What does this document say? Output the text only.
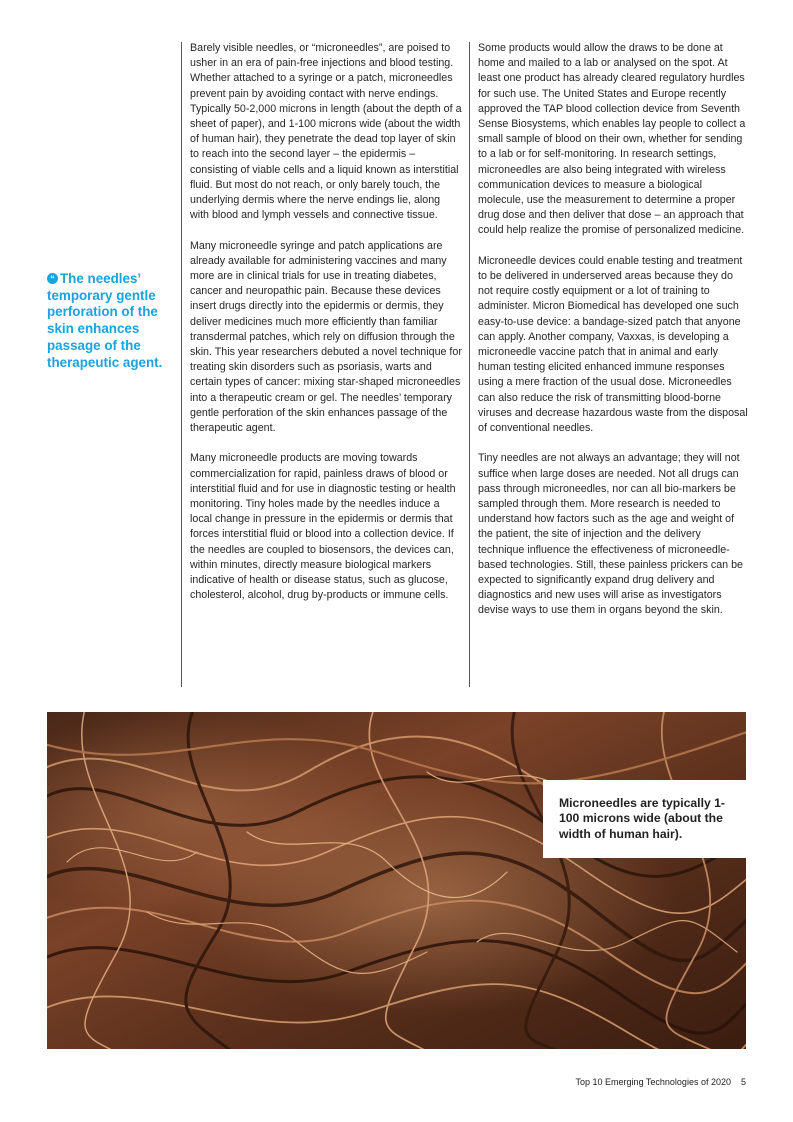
“The needles’ temporary gentle perforation of the skin enhances passage of the therapeutic agent.

Barely visible needles, or “microneedles”, are poised to usher in an era of pain-free injections and blood testing. Whether attached to a syringe or a patch, microneedles prevent pain by avoiding contact with nerve endings. Typically 50-2,000 microns in length (about the depth of a sheet of paper), and 1-100 microns wide (about the width of human hair), they penetrate the dead top layer of skin to reach into the second layer – the epidermis – consisting of viable cells and a liquid known as interstitial fluid. But most do not reach, or only barely touch, the underlying dermis where the nerve endings lie, along with blood and lymph vessels and connective tissue.

Many microneedle syringe and patch applications are already available for administering vaccines and many more are in clinical trials for use in treating diabetes, cancer and neuropathic pain. Because these devices insert drugs directly into the epidermis or dermis, they deliver medicines much more efficiently than familiar transdermal patches, which rely on diffusion through the skin. This year researchers debuted a novel technique for treating skin disorders such as psoriasis, warts and certain types of cancer: mixing star-shaped microneedles into a therapeutic cream or gel. The needles’ temporary gentle perforation of the skin enhances passage of the therapeutic agent.

Many microneedle products are moving towards commercialization for rapid, painless draws of blood or interstitial fluid and for use in diagnostic testing or health monitoring. Tiny holes made by the needles induce a local change in pressure in the epidermis or dermis that forces interstitial fluid or blood into a collection device. If the needles are coupled to biosensors, the devices can, within minutes, directly measure biological markers indicative of health or disease status, such as glucose, cholesterol, alcohol, drug by-products or immune cells.

Some products would allow the draws to be done at home and mailed to a lab or analysed on the spot. At least one product has already cleared regulatory hurdles for such use. The United States and Europe recently approved the TAP blood collection device from Seventh Sense Biosystems, which enables lay people to collect a small sample of blood on their own, whether for sending to a lab or for self-monitoring. In research settings, microneedles are also being integrated with wireless communication devices to measure a biological molecule, use the measurement to determine a proper drug dose and then deliver that dose – an approach that could help realize the promise of personalized medicine.

Microneedle devices could enable testing and treatment to be delivered in underserved areas because they do not require costly equipment or a lot of training to administer. Micron Biomedical has developed one such easy-to-use device: a bandage-sized patch that anyone can apply. Another company, Vaxxas, is developing a microneedle vaccine patch that in animal and early human testing elicited enhanced immune responses using a mere fraction of the usual dose. Microneedles can also reduce the risk of transmitting blood-borne viruses and decrease hazardous waste from the disposal of conventional needles.

Tiny needles are not always an advantage; they will not suffice when large doses are needed. Not all drugs can pass through microneedles, nor can all bio-markers be sampled through them. More research is needed to understand how factors such as the age and weight of the patient, the site of injection and the delivery technique influence the effectiveness of microneedle-based technologies. Still, these painless prickers can be expected to significantly expand drug delivery and diagnostics and new uses will arise as investigators devise ways to use them in organs beyond the skin.

Microneedles are typically 1-100 microns wide (about the width of human hair).
Top 10 Emerging Technologies of 2020 5
